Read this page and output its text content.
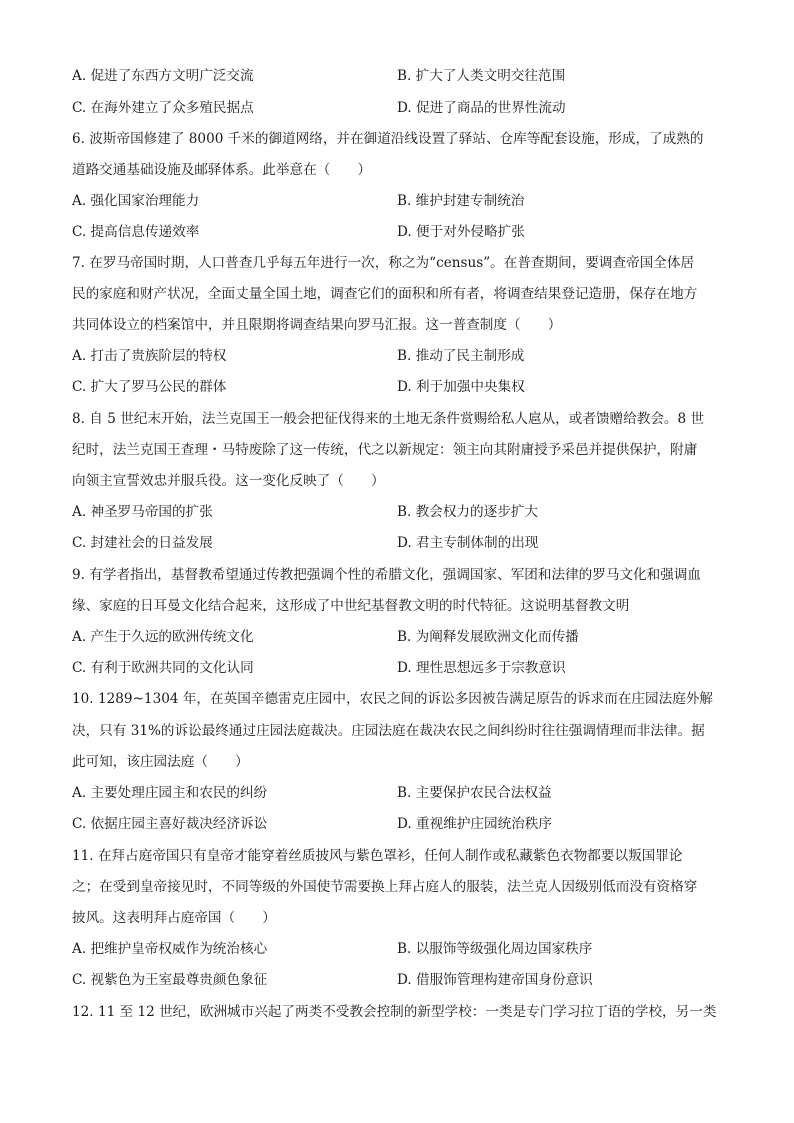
A. 促进了东西方文明广泛交流	B. 扩大了人类文明交往范围
C. 在海外建立了众多殖民据点	D. 促进了商品的世界性流动
6. 波斯帝国修建了 8000 千米的御道网络，并在御道沿线设置了驿站、仓库等配套设施，形成，了成熟的
道路交通基础设施及邮驿体系。此举意在（　　）
A. 强化国家治理能力	B. 维护封建专制统治
C. 提高信息传递效率	D. 便于对外侵略扩张
7. 在罗马帝国时期，人口普查几乎每五年进行一次，称之为“census”。在普查期间，要调查帝国全体居
民的家庭和财产状况，全面丈量全国土地，调查它们的面积和所有者，将调查结果登记造册，保存在地方
共同体设立的档案馆中，并且限期将调查结果向罗马汇报。这一普查制度（　　）
A. 打击了贵族阶层的特权	B. 推动了民主制形成
C. 扩大了罗马公民的群体	D. 利于加强中央集权
8. 自 5 世纪末开始，法兰克国王一般会把征伐得来的土地无条件赏赐给私人扈从，或者馈赠给教会。8 世
纪时，法兰克国王查理・马特废除了这一传统，代之以新规定：领主向其附庸授予采邑并提供保护，附庸
向领主宣誓效忠并服兵役。这一变化反映了（　　）
A. 神圣罗马帝国的扩张	B. 教会权力的逐步扩大
C. 封建社会的日益发展	D. 君主专制体制的出现
9. 有学者指出，基督教希望通过传教把强调个性的希腊文化，强调国家、军团和法律的罗马文化和强调血
缘、家庭的日耳曼文化结合起来，这形成了中世纪基督教文明的时代特征。这说明基督教文明
A. 产生于久远的欧洲传统文化	B. 为阐释发展欧洲文化而传播
C. 有利于欧洲共同的文化认同	D. 理性思想远多于宗教意识
10. 1289~1304 年，在英国辛德雷克庄园中，农民之间的诉讼多因被告满足原告的诉求而在庄园法庭外解
决，只有 31%的诉讼最终通过庄园法庭裁决。庄园法庭在裁决农民之间纠纷时往往强调情理而非法律。据
此可知，该庄园法庭（　　）
A. 主要处理庄园主和农民的纠纷	B. 主要保护农民合法权益
C. 依据庄园主喜好裁决经济诉讼	D. 重视维护庄园统治秩序
11. 在拜占庭帝国只有皇帝才能穿着丝质披风与紫色罩衫，任何人制作或私藏紫色衣物都要以叛国罪论
之；在受到皇帝接见时，不同等级的外国使节需要换上拜占庭人的服装，法兰克人因级别低而没有资格穿
披风。这表明拜占庭帝国（　　）
A. 把维护皇帝权威作为统治核心	B. 以服饰等级强化周边国家秩序
C. 视紫色为王室最尊贵颜色象征	D. 借服饰管理构建帝国身份意识
12. 11 至 12 世纪，欧洲城市兴起了两类不受教会控制的新型学校：一类是专门学习拉丁语的学校，另一类
